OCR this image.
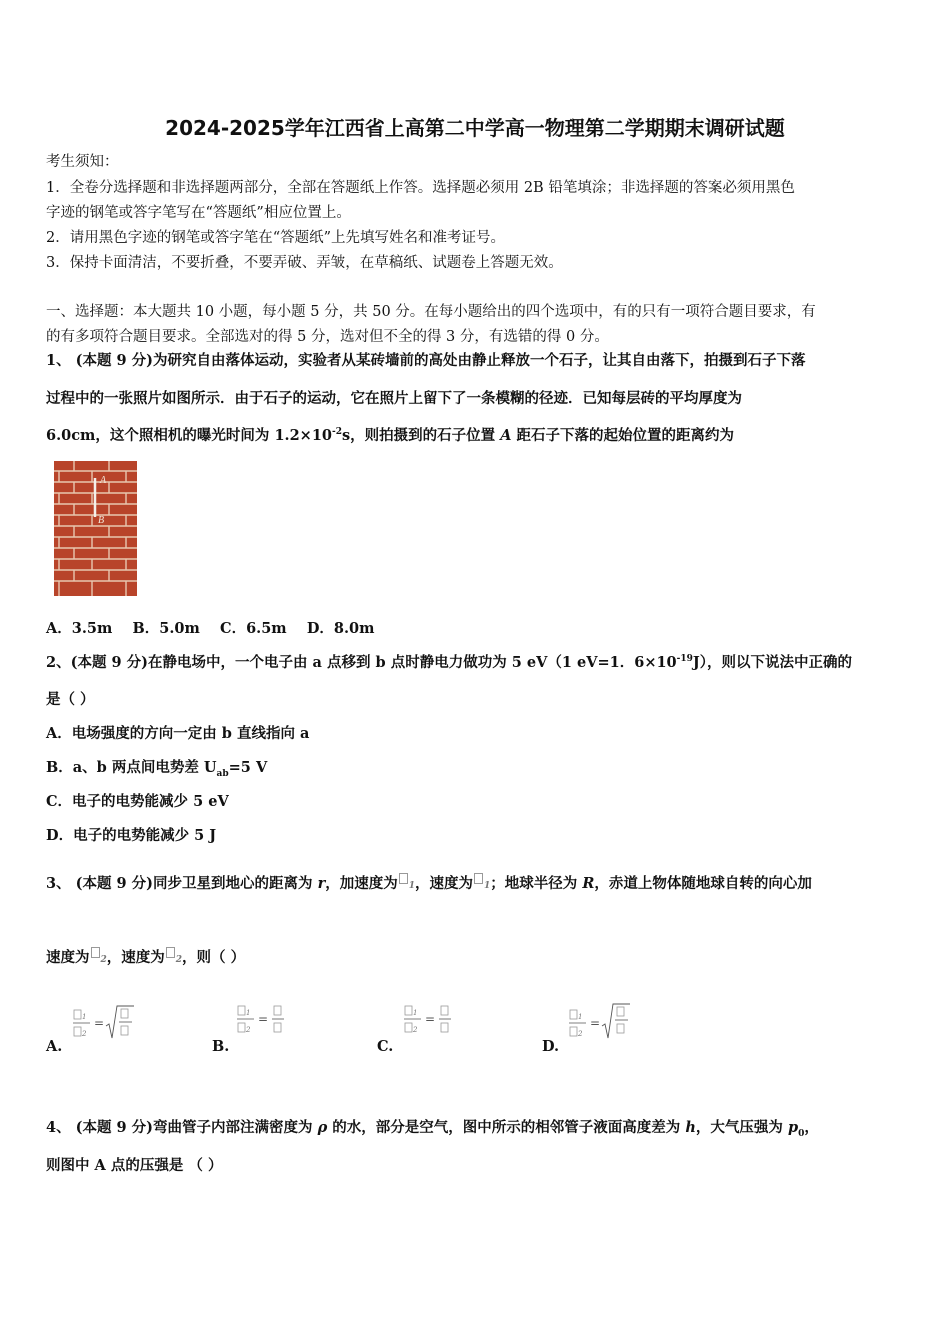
2024-2025学年江西省上高第二中学高一物理第二学期期末调研试题
考生须知：
1．全卷分选择题和非选择题两部分，全部在答题纸上作答。选择题必须用 2B 铅笔填涂；非选择题的答案必须用黑色
字迹的钢笔或答字笔写在“答题纸”相应位置上。
2．请用黑色字迹的钢笔或答字笔在“答题纸”上先填写姓名和准考证号。
3．保持卡面清洁，不要折叠，不要弄破、弄皱，在草稿纸、试题卷上答题无效。
一、选择题：本大题共 10 小题，每小题 5 分，共 50 分。在每小题给出的四个选项中，有的只有一项符合题目要求，有
的有多项符合题目要求。全部选对的得 5 分，选对但不全的得 3 分，有选错的得 0 分。
1、 (本题 9 分)为研究自由落体运动，实验者从某砖墙前的高处由静止释放一个石子，让其自由落下，拍摄到石子下落
过程中的一张照片如图所示．由于石子的运动，它在照片上留下了一条模糊的径迹．已知每层砖的平均厚度为
6.0cm，这个照相机的曝光时间为 $1.2\times 10^{-2}s$，则拍摄到的石子位置 A 距石子下落的起始位置的距离约为
A
B
A．3.5m    B．5.0m    C．6.5m    D．8.0m
2、(本题 9 分)在静电场中，一个电子由 a 点移到 b 点时静电力做功为 5 eV（1 eV=1．$6\times 10^{-19}J$），则以下说法中正确的
是（ ）
A．电场强度的方向一定由 b 直线指向 a
B．a、b 两点间电势差 $U_{ab}=5$ V
C．电子的电势能减少 5 eV
D．电子的电势能减少 5 J
3、 (本题 9 分)同步卫星到地心的距离为 r，加速度为 1，速度为 1；地球半径为 R，赤道上物体随地球自转的向心加
速度为 2，速度为 2，则（ ）
A.
1
2
=
B.
1
2
=
C.
1
2
=
D.
1
2
=
4、 (本题 9 分)弯曲管子内部注满密度为 ρ 的水，部分是空气，图中所示的相邻管子液面高度差为 h，大气压强为 $p_0$，
则图中 A 点的压强是 （ ）
